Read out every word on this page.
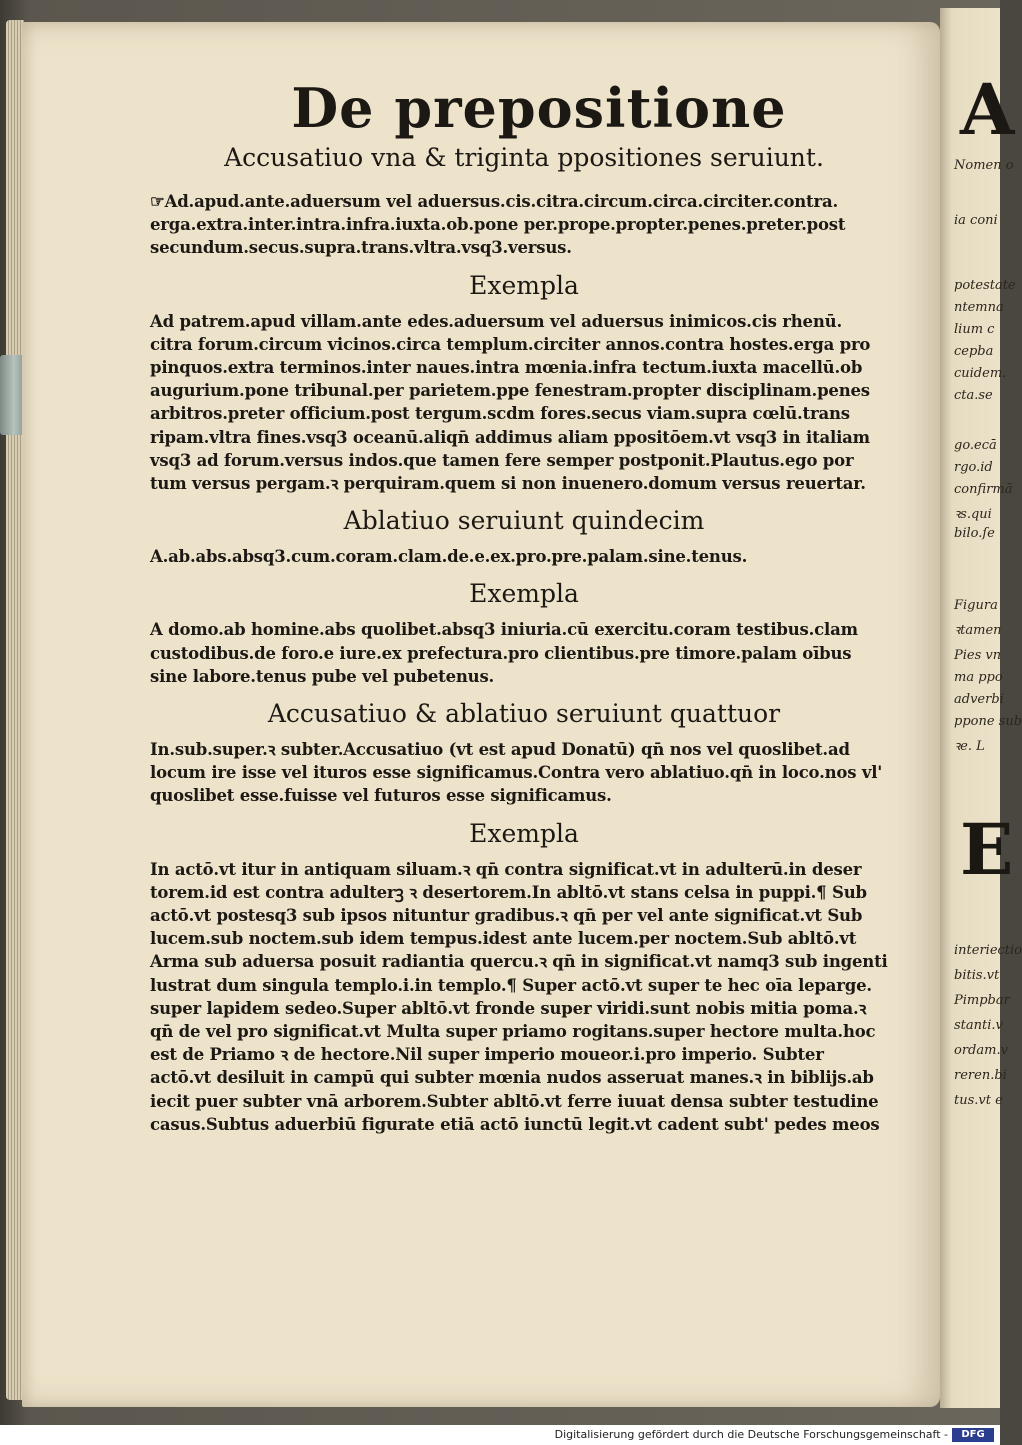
A
E
Nomen o
ia coni
potestate
ntemna
lium c
cepba
cuidem.
cta.se
go.ecā
rgo.id
confirmā
ꝛs.qui
bilo.ſe
Figura
ꝛtamen
Pies vn
ma ppo
adverbi
ppone sub
ꝛe. L
interiectio
bitis.vt
Pimpbar
stanti.v
ordam.v
reren.bi
tus.vt e
De prepositione
Accusatiuo vna & triginta ppositiones seruiunt.

☞Ad.apud.ante.aduersum vel aduersus.cis.citra.circum.circa.circiter.contra.
erga.extra.inter.intra.infra.iuxta.ob.pone per.prope.propter.penes.preter.post
secundum.secus.supra.trans.vltra.vsq3.versus.

Exempla

Ad patrem.apud villam.ante edes.aduersum vel aduersus inimicos.cis rhenū.
citra forum.circum vicinos.circa templum.circiter annos.contra hostes.erga pro
pinquos.extra terminos.inter naues.intra mœnia.infra tectum.iuxta macellū.ob
augurium.pone tribunal.per parietem.ppe fenestram.propter disciplinam.penes
arbitros.preter officium.post tergum.scdm fores.secus viam.supra cœlū.trans
ripam.vltra fines.vsq3 oceanū.aliqn̄ addimus aliam ppositōem.vt vsq3 in italiam
vsq3 ad forum.versus indos.que tamen fere semper postponit.Plautus.ego por
tum versus pergam.ꝛ perquiram.quem si non inuenero.domum versus reuertar.

Ablatiuo seruiunt quindecim

A.ab.abs.absq3.cum.coram.clam.de.e.ex.pro.pre.palam.sine.tenus.

Exempla

A domo.ab homine.abs quolibet.absq3 iniuria.cū exercitu.coram testibus.clam
custodibus.de foro.e iure.ex prefectura.pro clientibus.pre timore.palam oībus
sine labore.tenus pube vel pubetenus.

Accusatiuo & ablatiuo seruiunt quattuor

In.sub.super.ꝛ subter.Accusatiuo (vt est apud Donatū) qn̄ nos vel quoslibet.ad
locum ire isse vel ituros esse significamus.Contra vero ablatiuo.qn̄ in loco.nos vl'
quoslibet esse.fuisse vel futuros esse significamus.

Exempla

In actō.vt itur in antiquam siluam.ꝛ qn̄ contra significat.vt in adulterū.in deser
torem.id est contra adulterꝫ ꝛ desertorem.In abltō.vt stans celsa in puppi.¶ Sub
actō.vt postesq3 sub ipsos nituntur gradibus.ꝛ qn̄ per vel ante significat.vt Sub
lucem.sub noctem.sub idem tempus.idest ante lucem.per noctem.Sub abltō.vt
Arma sub aduersa posuit radiantia quercu.ꝛ qn̄ in significat.vt namq3 sub ingenti
lustrat dum singula templo.i.in templo.¶ Super actō.vt super te hec oīa leparge.
super lapidem sedeo.Super abltō.vt fronde super viridi.sunt nobis mitia poma.ꝛ
qn̄ de vel pro significat.vt Multa super priamo rogitans.super hectore multa.hoc
est de Priamo ꝛ de hectore.Nil super imperio moueor.i.pro imperio. Subter
actō.vt desiluit in campū qui subter mœnia nudos asseruat manes.ꝛ in biblijs.ab
iecit puer subter vnā arborem.Subter abltō.vt ferre iuuat densa subter testudine
casus.Subtus aduerbiū figurate etiā actō iunctū legit.vt cadent subt' pedes meos

Digitalisierung gefördert durch die Deutsche Forschungsgemeinschaft -	DFG
